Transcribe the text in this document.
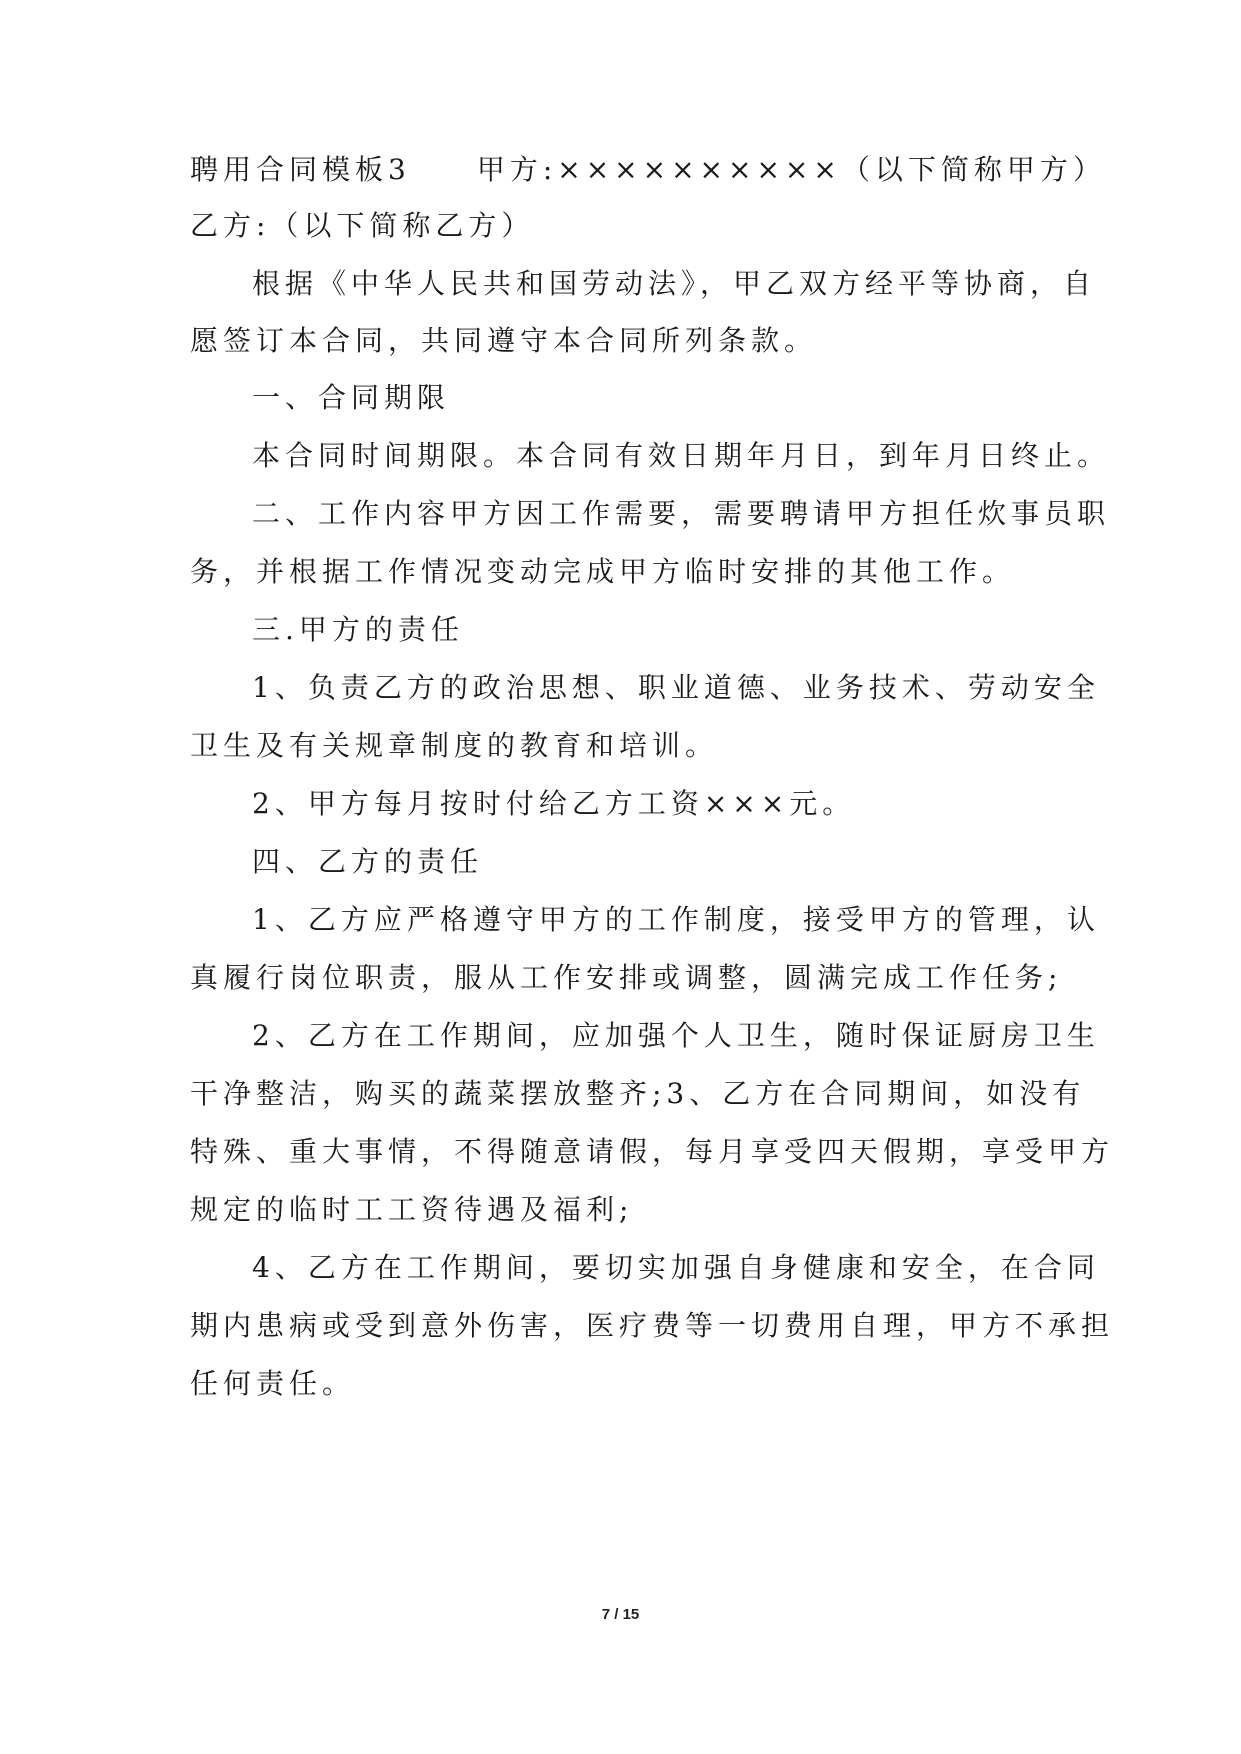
聘用合同模板3　　甲方:××××××××××（以下简称甲方）
乙方:（以下简称乙方）
根据《中华人民共和国劳动法》，甲乙双方经平等协商，自
愿签订本合同，共同遵守本合同所列条款。
一、合同期限
本合同时间期限。本合同有效日期年月日，到年月日终止。
二、工作内容甲方因工作需要，需要聘请甲方担任炊事员职
务，并根据工作情况变动完成甲方临时安排的其他工作。
三.甲方的责任
1、负责乙方的政治思想、职业道德、业务技术、劳动安全
卫生及有关规章制度的教育和培训。
2、甲方每月按时付给乙方工资×××元。
四、乙方的责任
1、乙方应严格遵守甲方的工作制度，接受甲方的管理，认
真履行岗位职责，服从工作安排或调整，圆满完成工作任务;
2、乙方在工作期间，应加强个人卫生，随时保证厨房卫生
干净整洁，购买的蔬菜摆放整齐;3、乙方在合同期间，如没有
特殊、重大事情，不得随意请假，每月享受四天假期，享受甲方
规定的临时工工资待遇及福利;
4、乙方在工作期间，要切实加强自身健康和安全，在合同
期内患病或受到意外伤害，医疗费等一切费用自理，甲方不承担
任何责任。
7 / 15
